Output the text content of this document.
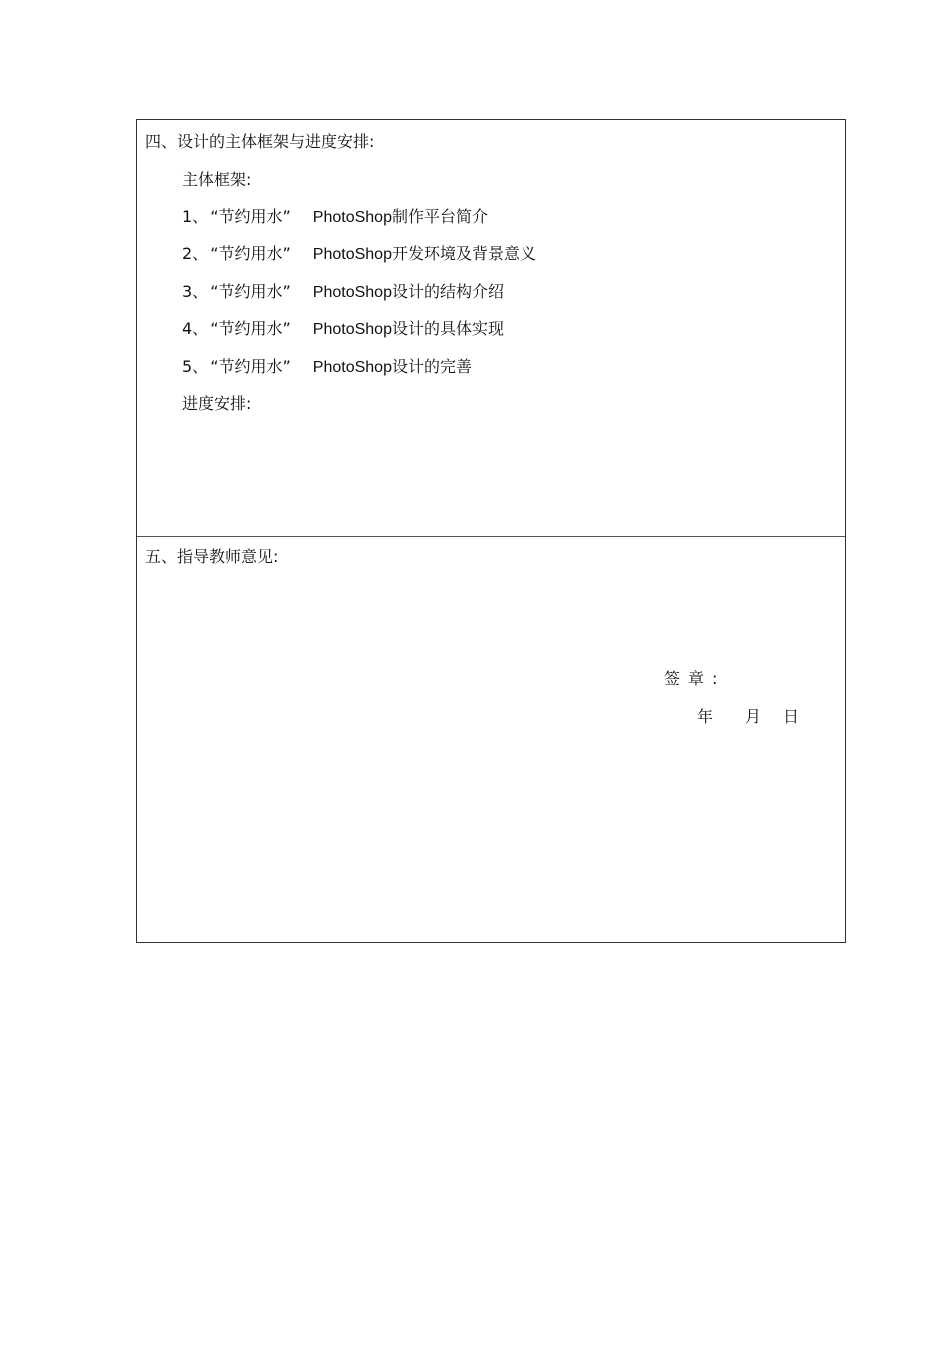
四、设计的主体框架与进度安排:
主体框架:
1、 “节约用水” PhotoShop制作平台简介
2、 “节约用水” PhotoShop开发环境及背景意义
3、 “节约用水” PhotoShop设计的结构介绍
4、 “节约用水” PhotoShop设计的具体实现
5、 “节约用水” PhotoShop设计的完善
进度安排:
五、指导教师意见:
签章:
年 月 日
